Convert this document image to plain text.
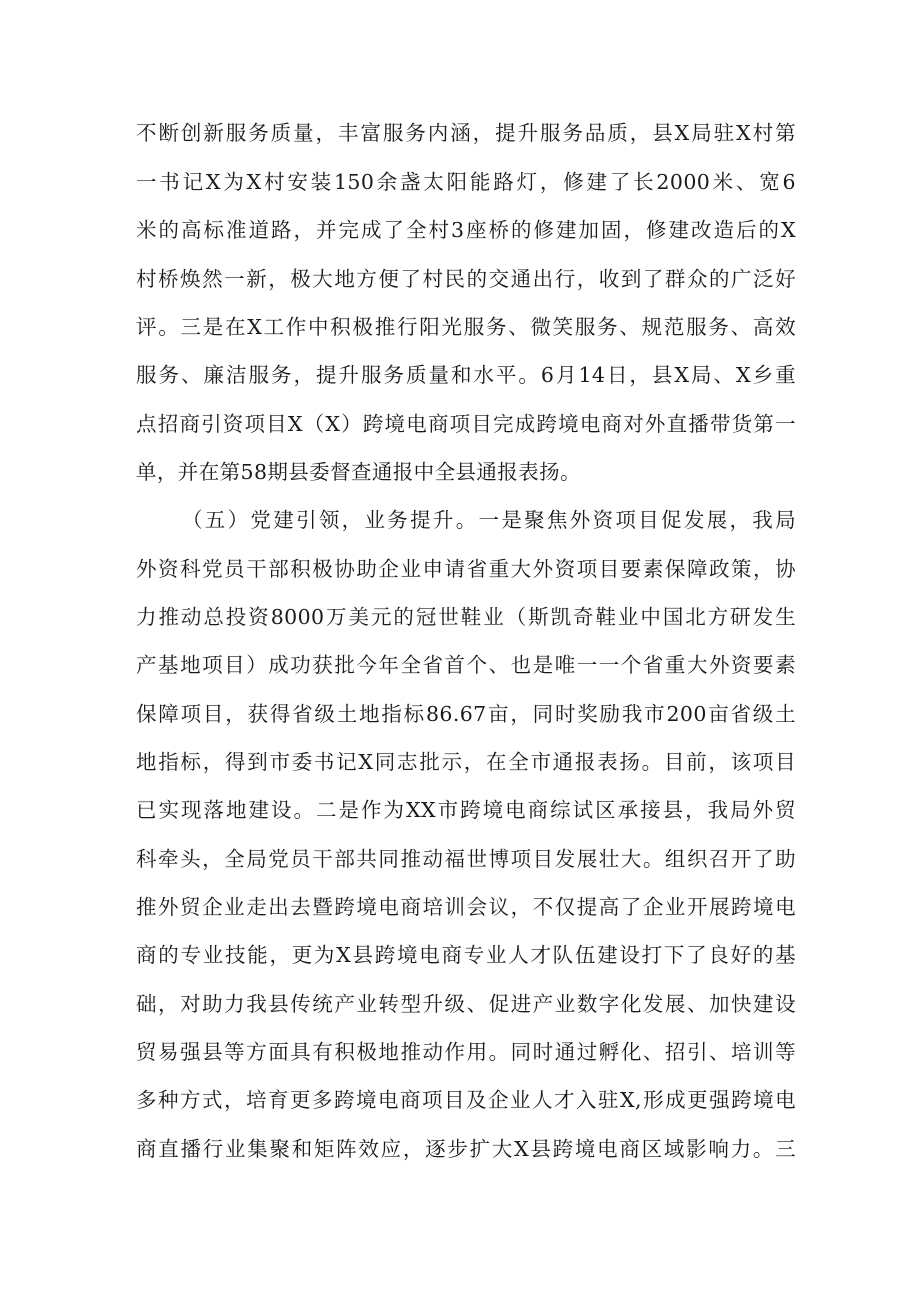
不断创新服务质量，丰富服务内涵，提升服务品质，县X局驻X村第
一书记X为X村安装150余盏太阳能路灯，修建了长2000米、宽6
米的高标准道路，并完成了全村3座桥的修建加固，修建改造后的X
村桥焕然一新，极大地方便了村民的交通出行，收到了群众的广泛好
评。三是在X工作中积极推行阳光服务、微笑服务、规范服务、高效
服务、廉洁服务，提升服务质量和水平。6月14日，县X局、X乡重
点招商引资项目X（X）跨境电商项目完成跨境电商对外直播带货第一
单，并在第58期县委督查通报中全县通报表扬。
（五）党建引领，业务提升。一是聚焦外资项目促发展，我局
外资科党员干部积极协助企业申请省重大外资项目要素保障政策，协
力推动总投资8000万美元的冠世鞋业（斯凯奇鞋业中国北方研发生
产基地项目）成功获批今年全省首个、也是唯一一个省重大外资要素
保障项目，获得省级土地指标86.67亩，同时奖励我市200亩省级土
地指标，得到市委书记X同志批示，在全市通报表扬。目前，该项目
已实现落地建设。二是作为XX市跨境电商综试区承接县，我局外贸
科牵头，全局党员干部共同推动福世博项目发展壮大。组织召开了助
推外贸企业走出去暨跨境电商培训会议，不仅提高了企业开展跨境电
商的专业技能，更为X县跨境电商专业人才队伍建设打下了良好的基
础，对助力我县传统产业转型升级、促进产业数字化发展、加快建设
贸易强县等方面具有积极地推动作用。同时通过孵化、招引、培训等
多种方式，培育更多跨境电商项目及企业人才入驻X,形成更强跨境电
商直播行业集聚和矩阵效应，逐步扩大X县跨境电商区域影响力。三
